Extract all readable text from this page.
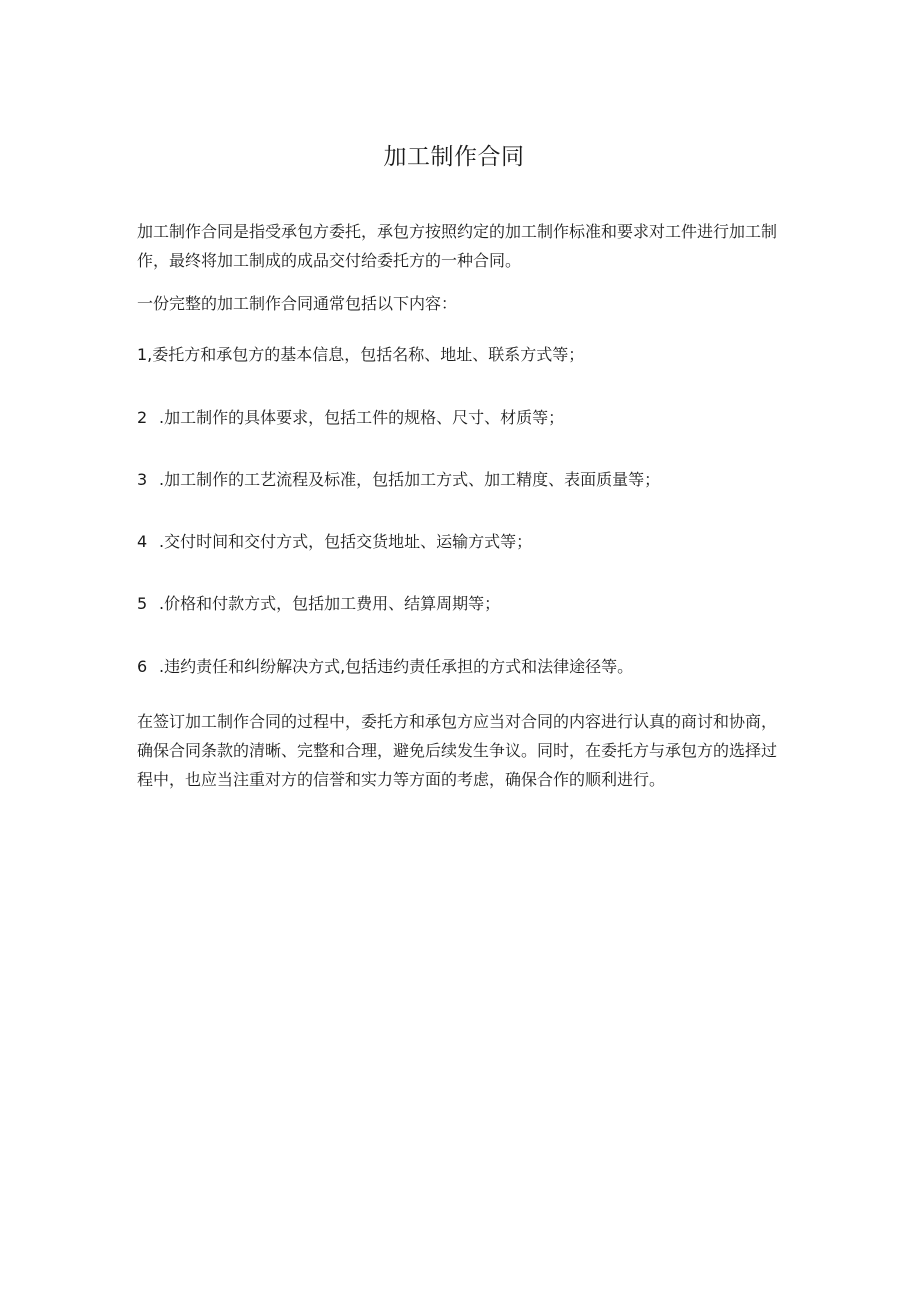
加工制作合同

加工制作合同是指受承包方委托，承包方按照约定的加工制作标准和要求对工件进行加工制作，最终将加工制成的成品交付给委托方的一种合同。

一份完整的加工制作合同通常包括以下内容：

1,委托方和承包方的基本信息，包括名称、地址、联系方式等；
2 .加工制作的具体要求，包括工件的规格、尺寸、材质等；
3 .加工制作的工艺流程及标准，包括加工方式、加工精度、表面质量等；
4 .交付时间和交付方式，包括交货地址、运输方式等；
5 .价格和付款方式，包括加工费用、结算周期等；
6 .违约责任和纠纷解决方式,包括违约责任承担的方式和法律途径等。

在签订加工制作合同的过程中，委托方和承包方应当对合同的内容进行认真的商讨和协商，确保合同条款的清晰、完整和合理，避免后续发生争议。同时，在委托方与承包方的选择过程中，也应当注重对方的信誉和实力等方面的考虑，确保合作的顺利进行。
